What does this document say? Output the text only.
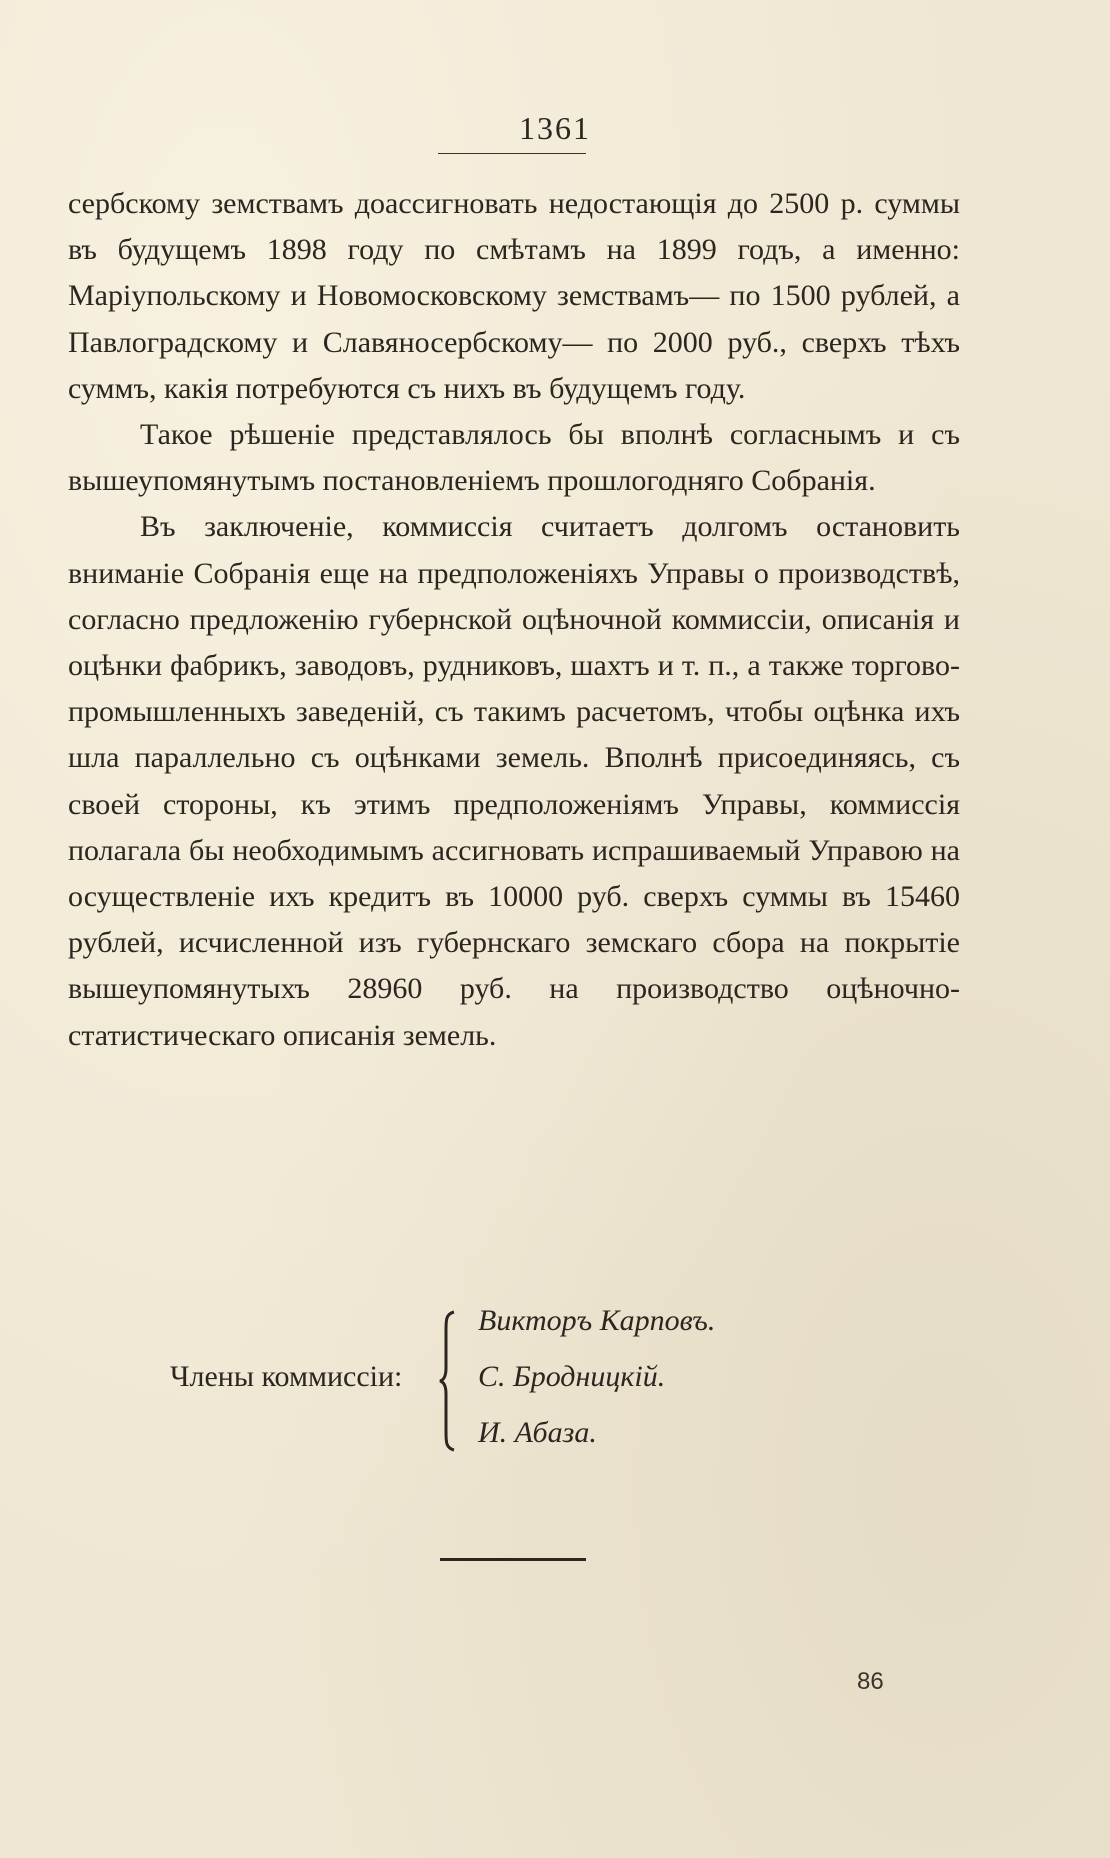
1361

сербскому земствамъ доассигновать недостающія до 2500 р. суммы въ будущемъ 1898 году по смѣтамъ на 1899 годъ, а именно: Маріупольскому и Новомосковскому земствамъ— по 1500 рублей, а Павлоградскому и Славяносербскому— по 2000 руб., сверхъ тѣхъ суммъ, какія потребуются съ нихъ въ будущемъ году.

Такое рѣшеніе представлялось бы вполнѣ согласнымъ и съ вышеупомянутымъ постановленіемъ прошлогодняго Собранія.

Въ заключеніе, коммиссія считаетъ долгомъ остановить вниманіе Собранія еще на предположеніяхъ Управы о производствѣ, согласно предложенію губернской оцѣночной коммиссіи, описанія и оцѣнки фабрикъ, заводовъ, рудниковъ, шахтъ и т. п., а также торгово-промышленныхъ заведеній, съ такимъ расчетомъ, чтобы оцѣнка ихъ шла параллельно съ оцѣнками земель. Вполнѣ присоединяясь, съ своей стороны, къ этимъ предположеніямъ Управы, коммиссія полагала бы необходимымъ ассигновать испрашиваемый Управою на осуществленіе ихъ кредитъ въ 10000 руб. сверхъ суммы въ 15460 рублей, исчисленной изъ губернскаго земскаго сбора на покрытіе вышеупомянутыхъ 28960 руб. на производство оцѣночно-статистическаго описанія земель.

Члены коммиссіи:
Викторъ Карповъ.
С. Бродницкій.
И. Абаза.
86
